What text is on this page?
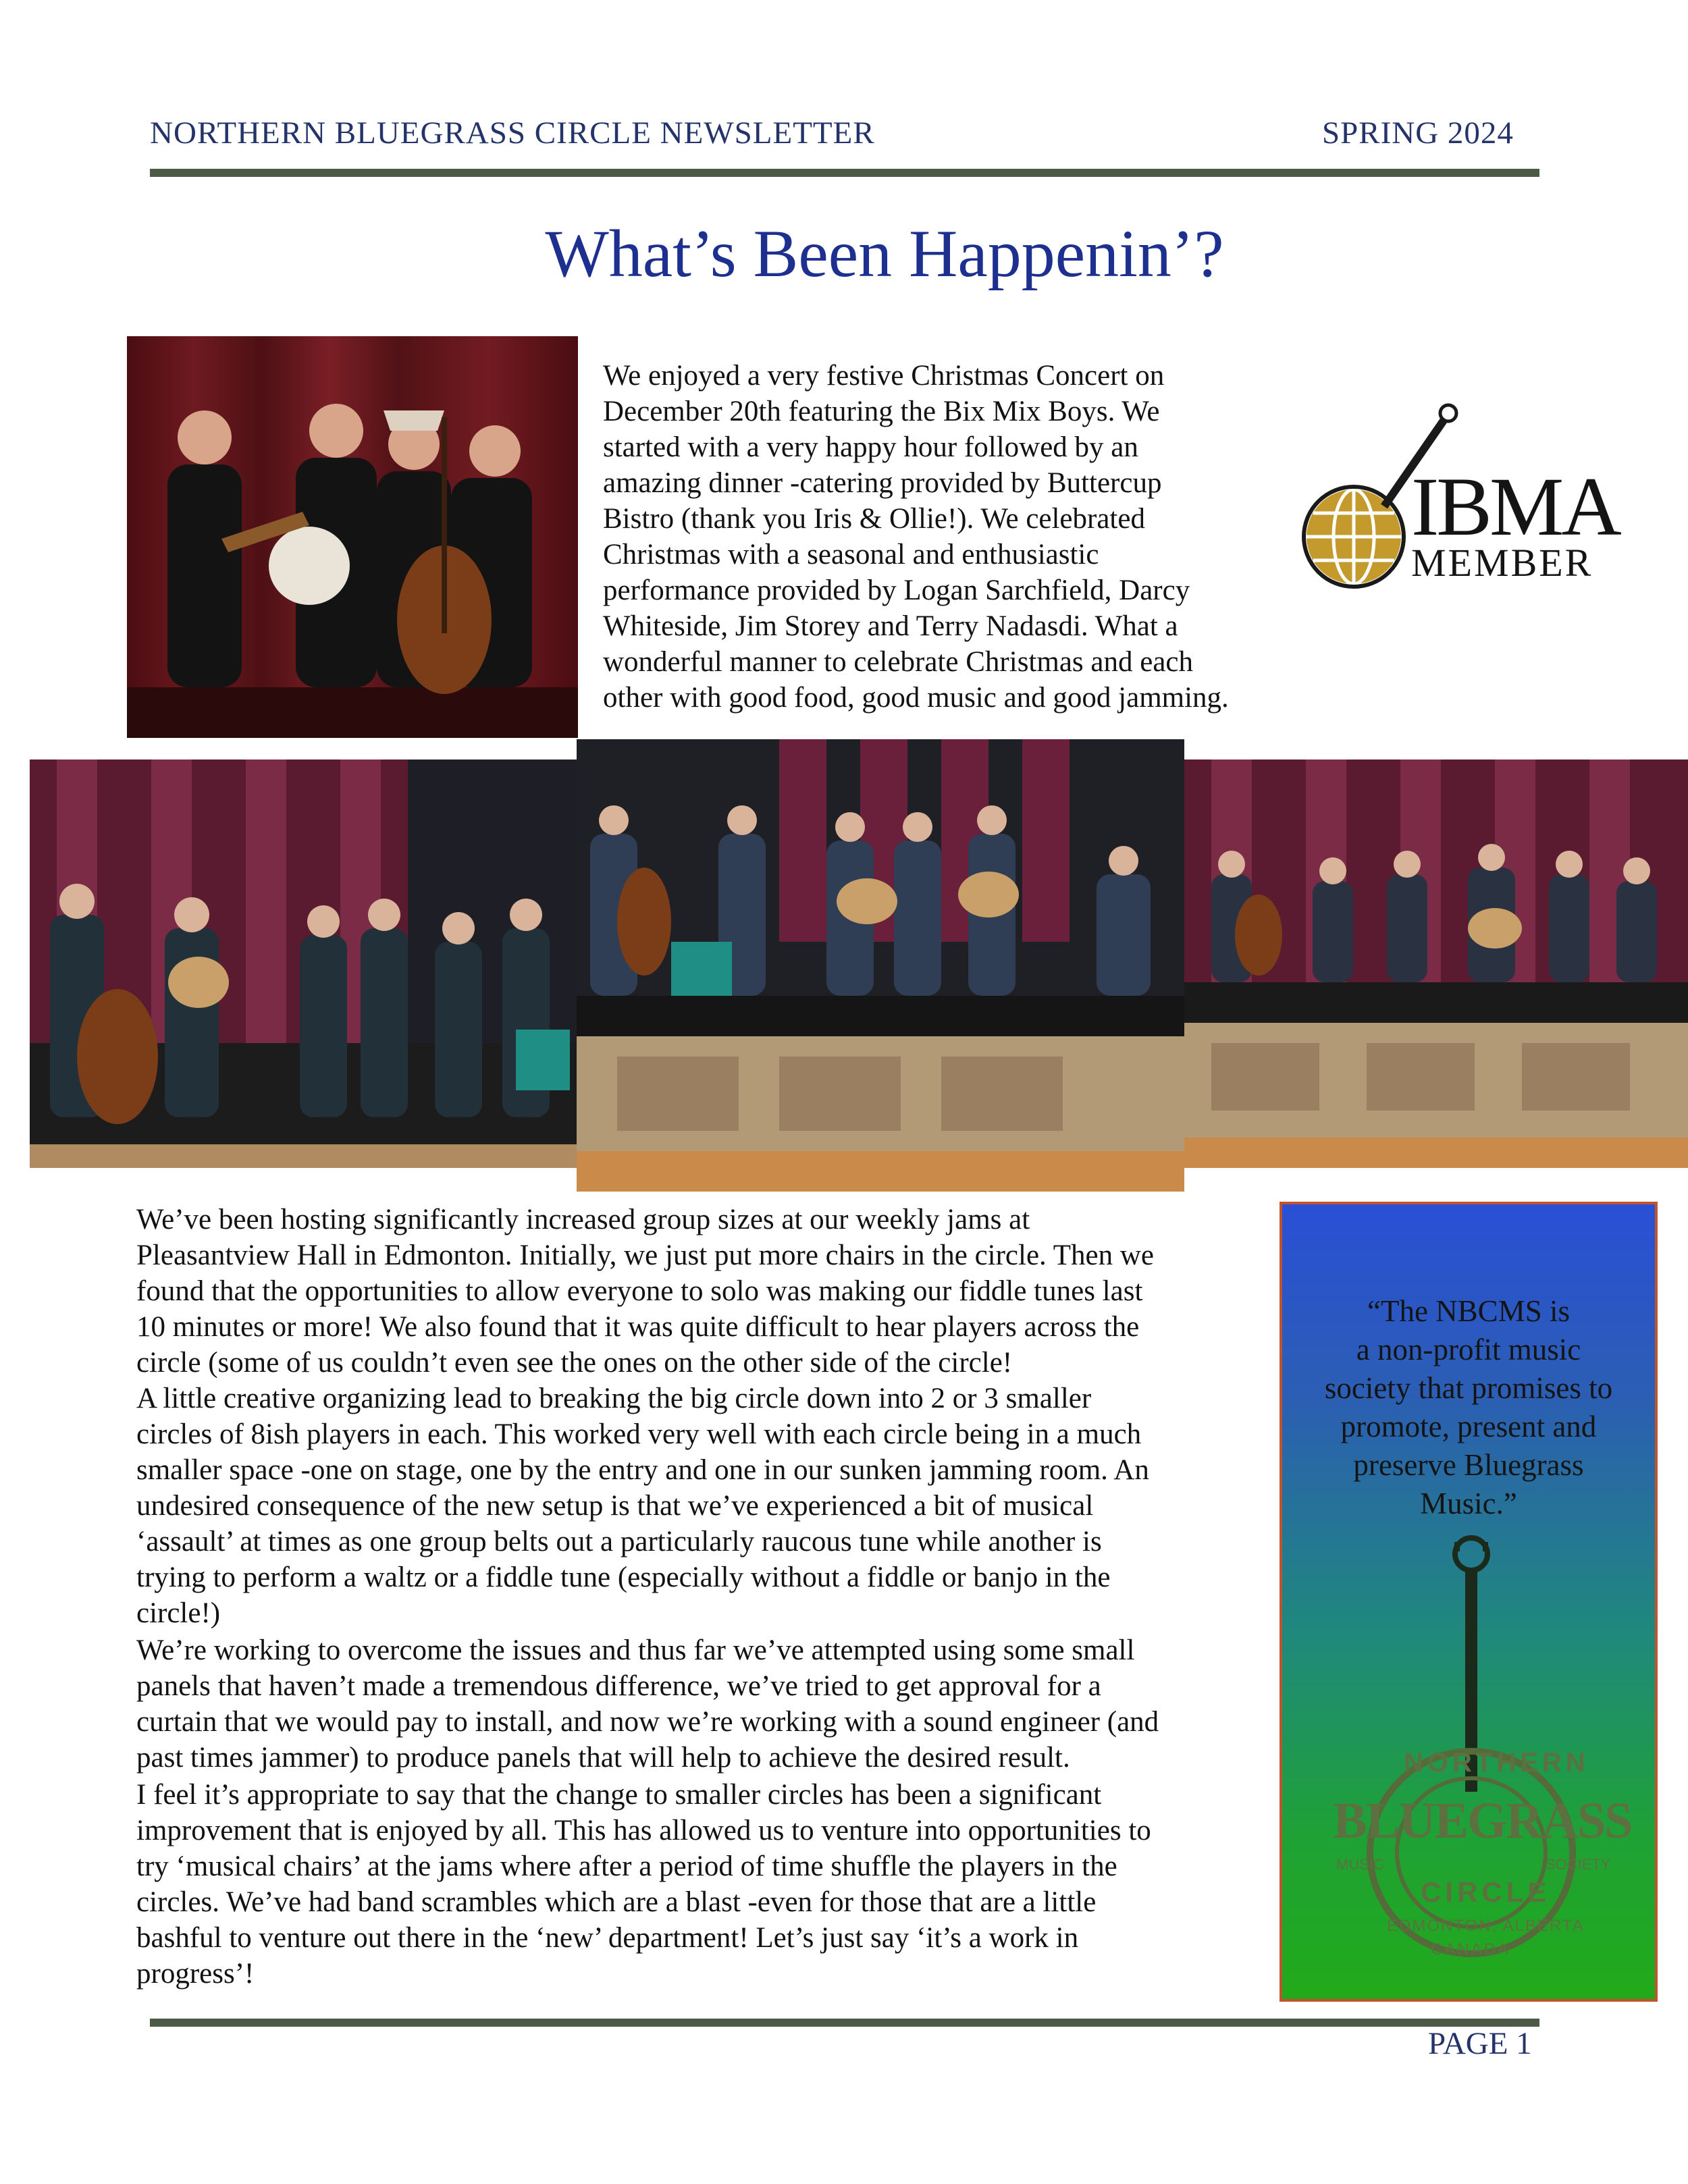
NORTHERN BLUEGRASS CIRCLE NEWSLETTER	SPRING 2024
What’s Been Happenin’?
We enjoyed a very festive Christmas Concert on
December 20th featuring the Bix Mix Boys. We
started with a very happy hour followed by an
amazing dinner -catering provided by Buttercup
Bistro (thank you Iris & Ollie!). We celebrated
Christmas with a seasonal and enthusiastic
performance provided by Logan Sarchfield, Darcy
Whiteside, Jim Storey and Terry Nadasdi. What a
wonderful manner to celebrate Christmas and each
other with good food, good music and good jamming.
IBMA
MEMBER
We’ve been hosting significantly increased group sizes at our weekly jams at
Pleasantview Hall in Edmonton. Initially, we just put more chairs in the circle. Then we
found that the opportunities to allow everyone to solo was making our fiddle tunes last
10 minutes or more! We also found that it was quite difficult to hear players across the
circle (some of us couldn’t even see the ones on the other side of the circle!
A little creative organizing lead to breaking the big circle down into 2 or 3 smaller
circles of 8ish players in each. This worked very well with each circle being in a much
smaller space -one on stage, one by the entry and one in our sunken jamming room. An
undesired consequence of the new setup is that we’ve experienced a bit of musical
‘assault’ at times as one group belts out a particularly raucous tune while another is
trying to perform a waltz or a fiddle tune (especially without a fiddle or banjo in the
circle!)
We’re working to overcome the issues and thus far we’ve attempted using some small
panels that haven’t made a tremendous difference, we’ve tried to get approval for a
curtain that we would pay to install, and now we’re working with a sound engineer (and
past times jammer) to produce panels that will help to achieve the desired result.
I feel it’s appropriate to say that the change to smaller circles has been a significant
improvement that is enjoyed by all. This has allowed us to venture into opportunities to
try ‘musical chairs’ at the jams where after a period of time shuffle the players in the
circles. We’ve had band scrambles which are a blast -even for those that are a little
bashful to venture out there in the ‘new’ department! Let’s just say ‘it’s a work in
progress’!
“The NBCMS is
a non-profit music
society that promises to
promote, present and
preserve Bluegrass
Music.”
NORTHERN
BLUEGRASS
MUSIC	SOCIETY
CIRCLE
EDMONTON, ALBERTA
CANADA
PAGE 1
